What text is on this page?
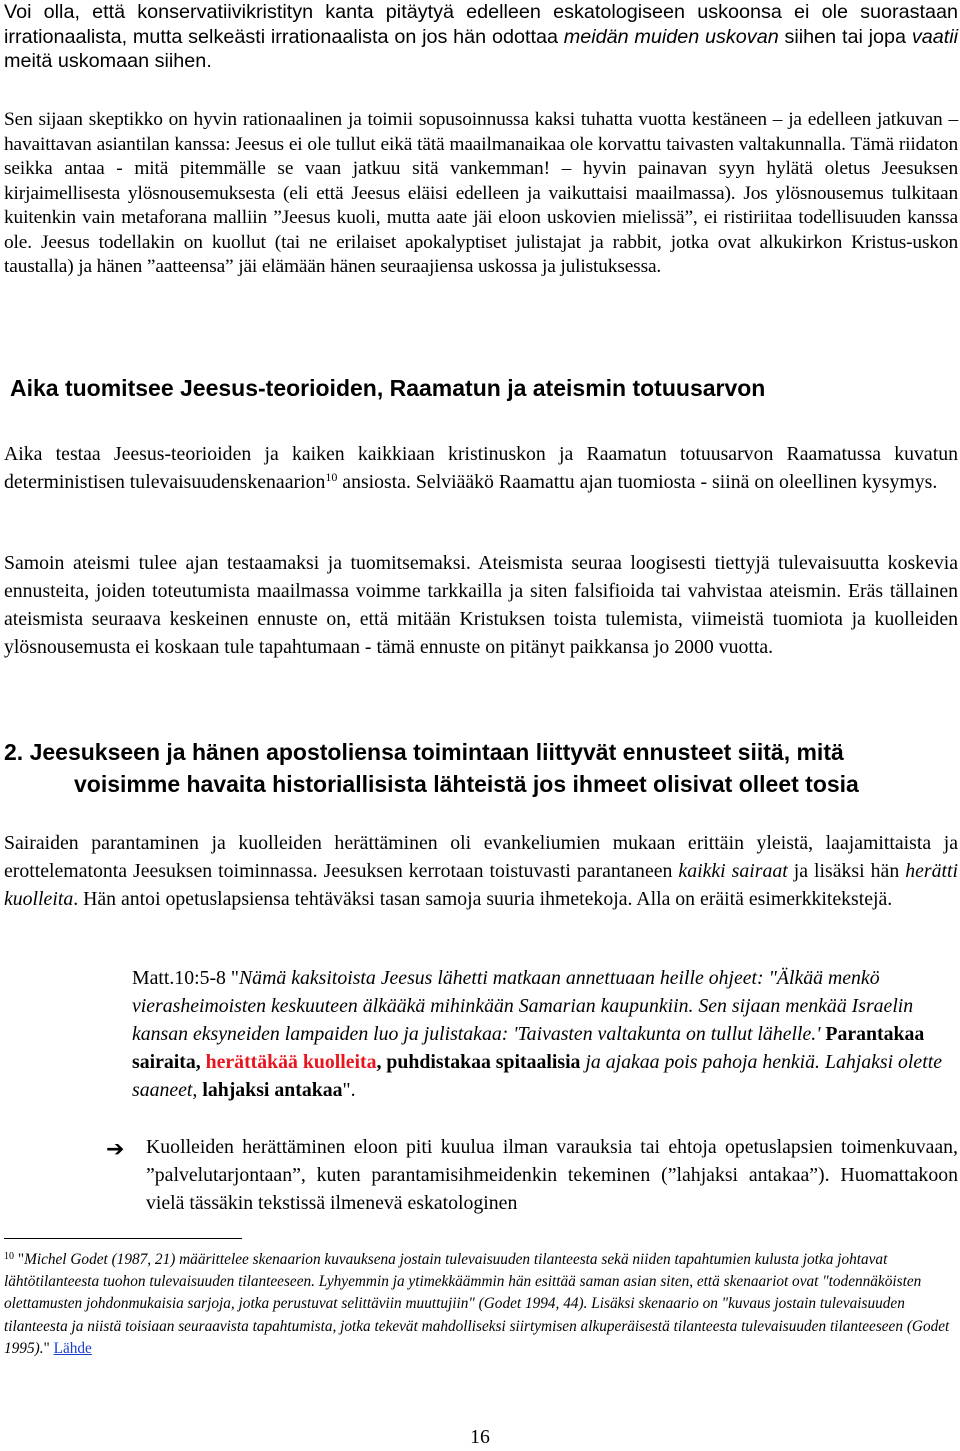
Voi olla, että konservatiivikristityn kanta pitäytyä edelleen eskatologiseen uskoonsa ei ole suorastaan irrationaalista, mutta selkeästi irrationaalista on jos hän odottaa meidän muiden uskovan siihen tai jopa vaatii meitä uskomaan siihen.
Sen sijaan skeptikko on hyvin rationaalinen ja toimii sopusoinnussa kaksi tuhatta vuotta kestäneen – ja edelleen jatkuvan – havaittavan asiantilan kanssa: Jeesus ei ole tullut eikä tätä maailmanaikaa ole korvattu taivasten valtakunnalla. Tämä riidaton seikka antaa - mitä pitemmälle se vaan jatkuu sitä vankemman! – hyvin painavan syyn hylätä oletus Jeesuksen kirjaimellisesta ylösnousemuksesta (eli että Jeesus eläisi edelleen ja vaikuttaisi maailmassa). Jos ylösnousemus tulkitaan kuitenkin vain metaforana malliin ”Jeesus kuoli, mutta aate jäi eloon uskovien mielissä”, ei ristiriitaa todellisuuden kanssa ole. Jeesus todellakin on kuollut (tai ne erilaiset apokalyptiset julistajat ja rabbit, jotka ovat alkukirkon Kristus-uskon taustalla) ja hänen ”aatteensa” jäi elämään hänen seuraajiensa uskossa ja julistuksessa.
Aika tuomitsee Jeesus-teorioiden, Raamatun ja ateismin totuusarvon
Aika testaa Jeesus-teorioiden ja kaiken kaikkiaan kristinuskon ja Raamatun totuusarvon Raamatussa kuvatun deterministisen tulevaisuudenskenaarion$^{10}$ ansiosta. Selviääkö Raamattu ajan tuomiosta - siinä on oleellinen kysymys.
Samoin ateismi tulee ajan testaamaksi ja tuomitsemaksi. Ateismista seuraa loogisesti tiettyjä tulevaisuutta koskevia ennusteita, joiden toteutumista maailmassa voimme tarkkailla ja siten falsifioida tai vahvistaa ateismin. Eräs tällainen ateismista seuraava keskeinen ennuste on, että mitään Kristuksen toista tulemista, viimeistä tuomiota ja kuolleiden ylösnousemusta ei koskaan tule tapahtumaan - tämä ennuste on pitänyt paikkansa jo 2000 vuotta.
2. Jeesukseen ja hänen apostoliensa toimintaan liittyvät ennusteet siitä, mitä
voisimme havaita historiallisista lähteistä jos ihmeet olisivat olleet tosia
Sairaiden parantaminen ja kuolleiden herättäminen oli evankeliumien mukaan erittäin yleistä, laajamittaista ja erottelematonta Jeesuksen toiminnassa. Jeesuksen kerrotaan toistuvasti parantaneen kaikki sairaat ja lisäksi hän herätti kuolleita. Hän antoi opetuslapsiensa tehtäväksi tasan samoja suuria ihmetekoja. Alla on eräitä esimerkkitekstejä.
Matt.10:5-8 "Nämä kaksitoista Jeesus lähetti matkaan annettuaan heille ohjeet: "Älkää menkö vierasheimoisten keskuuteen älkääkä mihinkään Samarian kaupunkiin. Sen sijaan menkää Israelin kansan eksyneiden lampaiden luo ja julistakaa: 'Taivasten valtakunta on tullut lähelle.' Parantakaa sairaita, herättäkää kuolleita, puhdistakaa spitaalisia ja ajakaa pois pahoja henkiä. Lahjaksi olette saaneet, lahjaksi antakaa".
➔ Kuolleiden herättäminen eloon piti kuulua ilman varauksia tai ehtoja opetuslapsien toimenkuvaan, ”palvelutarjontaan”, kuten parantamisihmeidenkin tekeminen (”lahjaksi antakaa”). Huomattakoon vielä tässäkin tekstissä ilmenevä eskatologinen
$^{10}$ "Michel Godet (1987, 21) määrittelee skenaarion kuvauksena jostain tulevaisuuden tilanteesta sekä niiden tapahtumien kulusta jotka johtavat lähtötilanteesta tuohon tulevaisuuden tilanteeseen. Lyhyemmin ja ytimekkäämmin hän esittää saman asian siten, että skenaariot ovat "todennäköisten olettamusten johdonmukaisia sarjoja, jotka perustuvat selittäviin muuttujiin" (Godet 1994, 44). Lisäksi skenaario on "kuvaus jostain tulevaisuuden tilanteesta ja niistä toisiaan seuraavista tapahtumista, jotka tekevät mahdolliseksi siirtymisen alkuperäisestä tilanteesta tulevaisuuden tilanteeseen (Godet 1995)." Lähde
16
